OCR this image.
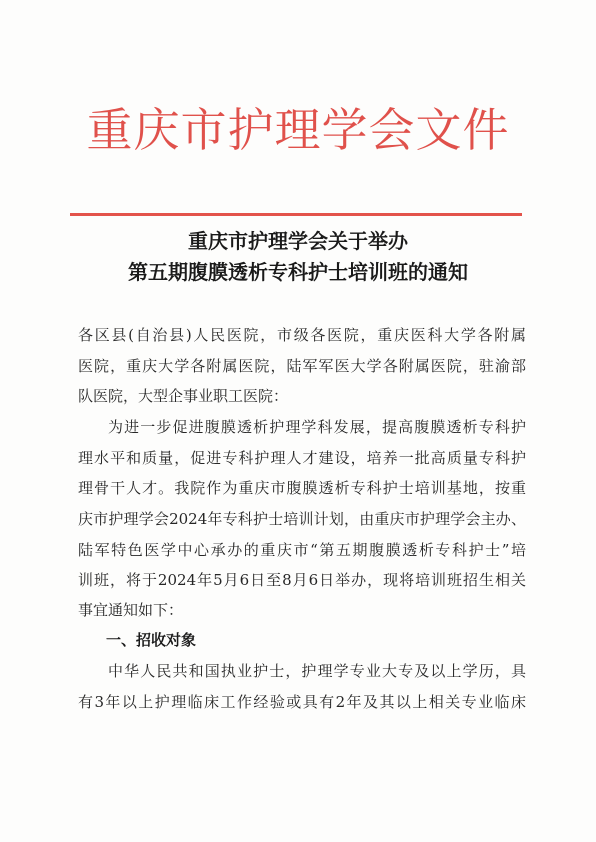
重庆市护理学会文件
重庆市护理学会关于举办
第五期腹膜透析专科护士培训班的通知
各区县(自治县)人民医院，市级各医院，重庆医科大学各附属
医院，重庆大学各附属医院，陆军军医大学各附属医院，驻渝部
队医院，大型企事业职工医院：
为进一步促进腹膜透析护理学科发展，提高腹膜透析专科护
理水平和质量，促进专科护理人才建设，培养一批高质量专科护
理骨干人才。我院作为重庆市腹膜透析专科护士培训基地，按重
庆市护理学会2024年专科护士培训计划，由重庆市护理学会主办、
陆军特色医学中心承办的重庆市“第五期腹膜透析专科护士”培
训班，将于2024年5月6日至8月6日举办，现将培训班招生相关
事宜通知如下：
一、招收对象
中华人民共和国执业护士，护理学专业大专及以上学历，具
有3年以上护理临床工作经验或具有2年及其以上相关专业临床
